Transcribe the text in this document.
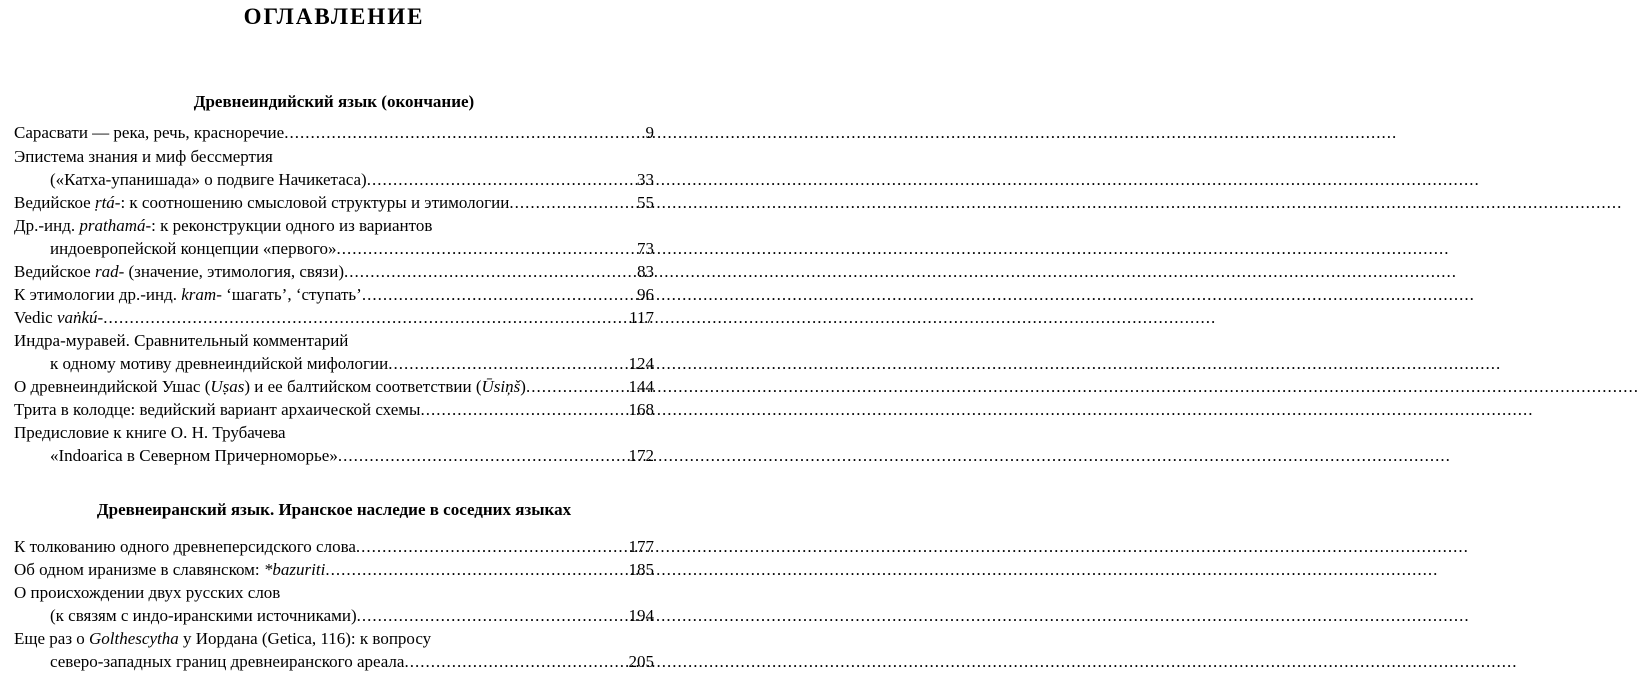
ОГЛАВЛЕНИЕ
Древнеиндийский язык (окончание)
Сарасвати — река, речь, красноречие .....	9
Эпистема знания и миф бессмертия
(«Катха-упанишада» о подвиге Начикетаса) .....	33
Ведийское ṛtá-: к соотношению смысловой структуры и этимологии .....	55
Др.-инд. prathamá-: к реконструкции одного из вариантов
индоевропейской концепции «первого» .....	73
Ведийское rad- (значение, этимология, связи) .....	83
К этимологии др.-инд. kram- ‘шагать’, ‘ступать’ .....	96
Vedic vaṅkú- .....	117
Индра-муравей. Сравнительный комментарий
к одному мотиву древнеиндийской мифологии .....	124
О древнеиндийской Ушас (Uṣas) и ее балтийском соответствии (Ūsiņš) .....	144
Трита в колодце: ведийский вариант архаической схемы .....	168
Предисловие к книге О. Н. Трубачева
«Indoarica в Северном Причерноморье» .....	172
Древнеиранский язык. Иранское наследие в соседних языках
К толкованию одного древнеперсидского слова .....	177
Об одном иранизме в славянском: *bazuriti .....	185
О происхождении двух русских слов
(к связям с индо-иранскими источниками) .....	194
Еще раз о Golthescytha у Иордана (Getica, 116): к вопросу
северо-западных границ древнеиранского ареала .....	205
